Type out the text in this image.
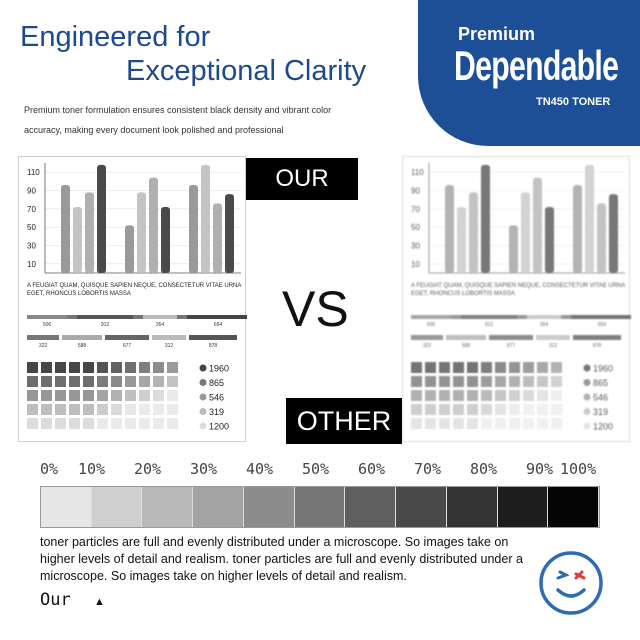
Engineered for
Exceptional Clarity
Premium toner formulation ensures consistent black density and vibrant color accuracy, making every document look polished and professional
Premium
Dependable
TN450 TONER
110
90
70
50
30
10
506	912	354	654
322	588	677	312	878
1960
865
546
319
1200
A FEUGIAT QUAM, QUISQUE SAPIEN NEQUE, CONSECTETUR VITAE URNA EGET, RHONCUS LOBORTIS MASSA
110
90
70
50
30
10
506	912	354	654
322	588	677	312	878
1960
865
546
319
1200
A FEUGIAT QUAM, QUISQUE SAPIEN NEQUE, CONSECTETUR VITAE URNA EGET, RHONCUS LOBORTIS MASSA
OUR
VS
OTHER
0% 10% 20% 30% 40% 50% 60% 70% 80% 90% 100%
toner particles are full and evenly distributed under a microscope. So images take on higher levels of detail and realism. toner particles are full and evenly distributed under a microscope. So images take on higher levels of detail and realism.
Our ▲
